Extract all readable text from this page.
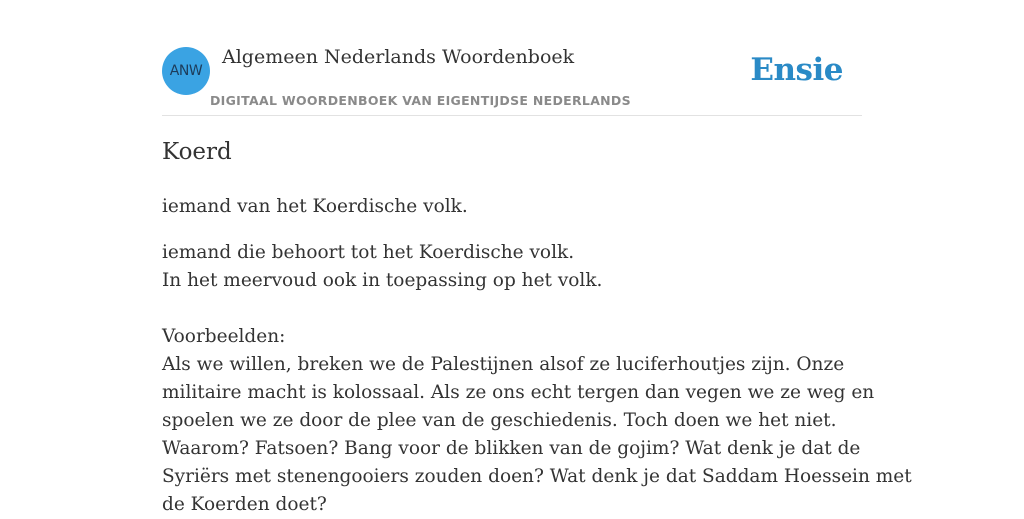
ANW
Algemeen Nederlands Woordenboek
DIGITAAL WOORDENBOEK VAN EIGENTIJDSE NEDERLANDS
Ensie
Koerd

iemand van het Koerdische volk.

iemand die behoort tot het Koerdische volk.
In het meervoud ook in toepassing op het volk.
Voorbeelden:
Als we willen, breken we de Palestijnen alsof ze luciferhoutjes zijn. Onze
militaire macht is kolossaal. Als ze ons echt tergen dan vegen we ze weg en
spoelen we ze door de plee van de geschiedenis. Toch doen we het niet.
Waarom? Fatsoen? Bang voor de blikken van de gojim? Wat denk je dat de
Syriërs met stenengooiers zouden doen? Wat denk je dat Saddam Hoessein met
de Koerden doet?
